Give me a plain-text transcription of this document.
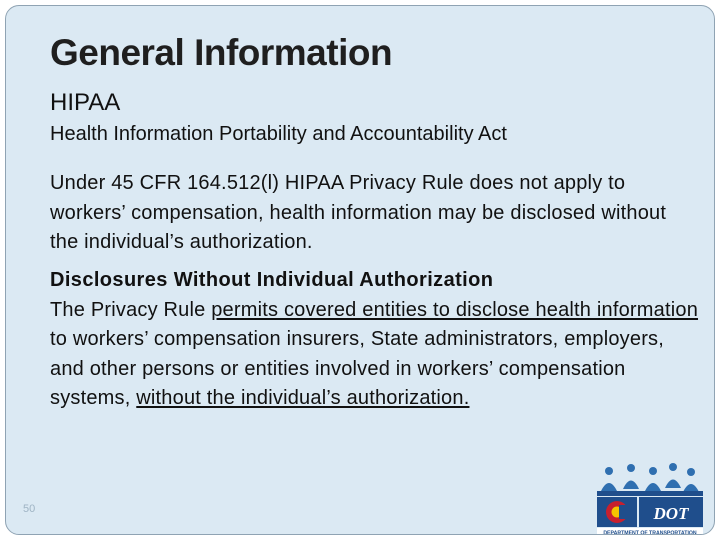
General Information
HIPAA
Health Information Portability and Accountability Act
Under 45 CFR 164.512(l) HIPAA Privacy Rule does not apply to workers’ compensation, health information may be disclosed without the individual’s authorization.
Disclosures Without Individual Authorization
The Privacy Rule permits covered entities to disclose health information to workers’ compensation insurers, State administrators, employers, and other persons or entities involved in workers’ compensation systems, without the individual’s authorization.
50	DOT
DEPARTMENT OF TRANSPORTATION
